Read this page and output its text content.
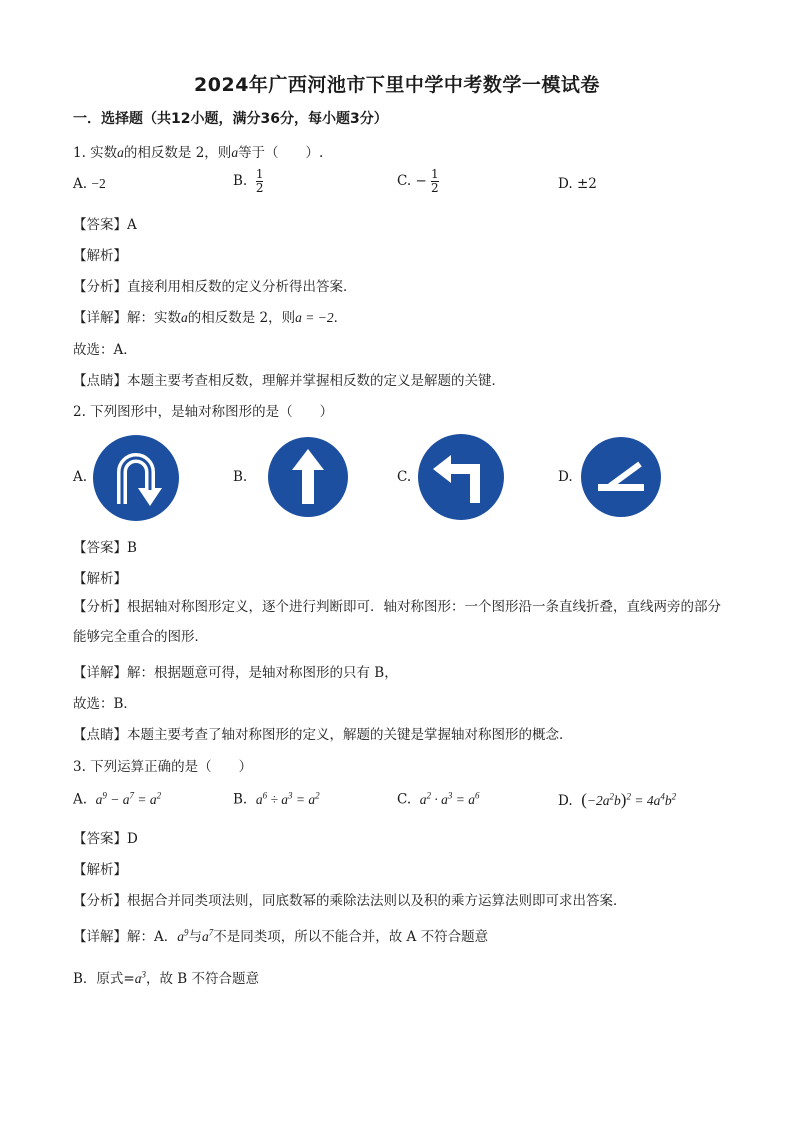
2024年广西河池市下里中学中考数学一模试卷
一．选择题（共12小题，满分36分，每小题3分）
1. 实数a的相反数是 2，则a等于（　　）.
A. −2	B. $\frac{1}{2}$	C. − $\frac{1}{2}$	D. ±2
【答案】A
【解析】
【分析】直接利用相反数的定义分析得出答案．
【详解】解：实数a的相反数是 2，则a = −2．
故选：A．
【点睛】本题主要考查相反数，理解并掌握相反数的定义是解题的关键．
2. 下列图形中，是轴对称图形的是（　　）
A.	B.	C.	D.
【答案】B
【解析】
【分析】根据轴对称图形定义，逐个进行判断即可．轴对称图形：一个图形沿一条直线折叠，直线两旁的部分能够完全重合的图形．
【详解】解：根据题意可得，是轴对称图形的只有 B，
故选：B．
【点睛】本题主要考查了轴对称图形的定义，解题的关键是掌握轴对称图形的概念．
3. 下列运算正确的是（　　）
A. $a^9 - a^7 = a^2$	B. $a^6 \div a^3 = a^2$	C. $a^2 \cdot a^3 = a^6$	D. $(-2a^2b)^2 = 4a^4b^2$
【答案】D
【解析】
【分析】根据合并同类项法则，同底数幂的乘除法法则以及积的乘方运算法则即可求出答案．
【详解】解：A．$a^9$与$a^7$不是同类项，所以不能合并，故 A 不符合题意
B．原式$=a^3$，故 B 不符合题意
